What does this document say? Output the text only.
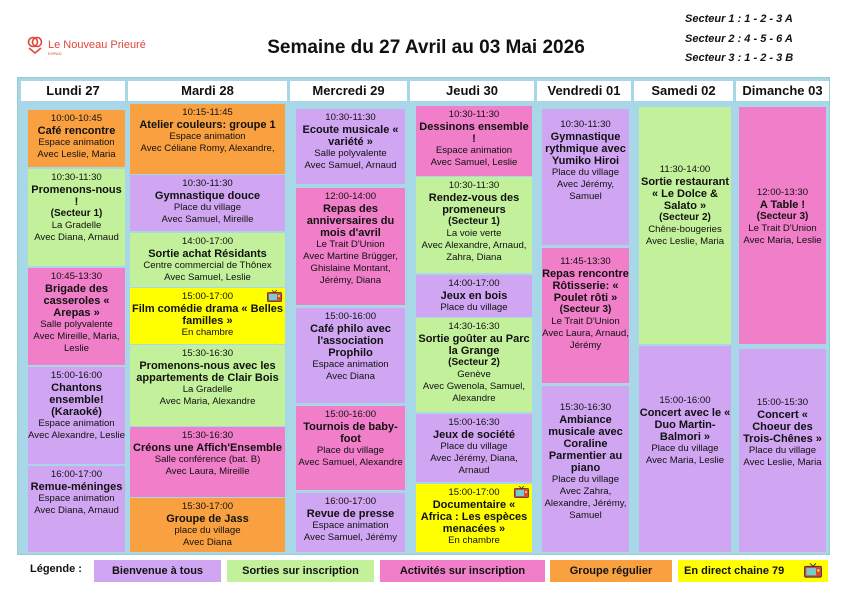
Le Nouveau Prieuré
EHPAD	Semaine du 27 Avril au 03 Mai 2026
Secteur 1 : 1 - 2 - 3 A
Secteur 2 : 4 - 5 - 6 A
Secteur 3 : 1 - 2 - 3 B
Lundi 27
10:00-10:45
Café rencontre
Espace animation
Avec Leslie, Maria
10:30-11:30
Promenons-nous !
(Secteur 1)
La Gradelle
Avec Diana, Arnaud
10:45-13:30
Brigade des casseroles « Arepas »
Salle polyvalente
Avec Mireille, Maria, Leslie
15:00-16:00
Chantons ensemble! (Karaoké)
Espace animation
Avec Alexandre, Leslie
16:00-17:00
Remue-méninges
Espace animation
Avec Diana, Arnaud
Mardi 28
10:15-11:45
Atelier couleurs: groupe 1
Espace animation
Avec Céliane Romy, Alexandre,
10:30-11:30
Gymnastique douce
Place du village
Avec Samuel, Mireille
14:00-17:00
Sortie achat Résidants
Centre commercial de Thônex
Avec Samuel, Leslie
15:00-17:00
Film comédie drama « Belles familles »
En chambre
15:30-16:30
Promenons-nous avec les appartements de Clair Bois
La Gradelle
Avec Maria, Alexandre
15:30-16:30
Créons une Affich'Ensemble
Salle conférence (bat. B)
Avec Laura, Mireille
15:30-17:00
Groupe de Jass
place du village
Avec Diana
Mercredi 29
10:30-11:30
Ecoute musicale « variété »
Salle polyvalente
Avec Samuel, Arnaud
12:00-14:00
Repas des anniversaires du mois d'avril
Le Trait D'Union
Avec Martine Brügger, Ghislaine Montant, Jérémy, Diana
15:00-16:00
Café philo avec l'association Prophilo
Espace animation
Avec Diana
15:00-16:00
Tournois de baby-foot
Place du village
Avec Samuel, Alexandre
16:00-17:00
Revue de presse
Espace animation
Avec Samuel, Jérémy
Jeudi 30
10:30-11:30
Dessinons ensemble !
Espace animation
Avec Samuel, Leslie
10:30-11:30
Rendez-vous des promeneurs
(Secteur 1)
La voie verte
Avec Alexandre, Arnaud, Zahra, Diana
14:00-17:00
Jeux en bois
Place du village
14:30-16:30
Sortie goûter au Parc la Grange
(Secteur 2)
Genève
Avec Gwenola, Samuel, Alexandre
15:00-16:30
Jeux de société
Place du village
Avec Jérémy, Diana, Arnaud
15:00-17:00
Documentaire « Africa : Les espèces menacées »
En chambre
Vendredi 01
10:30-11:30
Gymnastique rythmique avec Yumiko Hiroi
Place du village
Avec Jérémy, Samuel
11:45-13:30
Repas rencontre Rôtisserie: « Poulet rôti »
(Secteur 3)
Le Trait D'Union
Avec Laura, Arnaud, Jérémy
15:30-16:30
Ambiance musicale avec Coraline Parmentier au piano
Place du village
Avec Zahra, Alexandre, Jérémy, Samuel
Samedi 02
11:30-14:00
Sortie restaurant « Le Dolce & Salato »
(Secteur 2)
Chêne-bougeries
Avec Leslie, Maria
15:00-16:00
Concert avec le « Duo Martin-Balmori »
Place du village
Avec Maria, Leslie
Dimanche 03
12:00-13:30
A Table !
(Secteur 3)
Le Trait D'Union
Avec Maria, Leslie
15:00-15:30
Concert « Choeur des Trois-Chênes »
Place du village
Avec Leslie, Maria
Légende :	Bienvenue à tous	Sorties sur inscription	Activités sur inscription	Groupe régulier	En direct chaine 79
